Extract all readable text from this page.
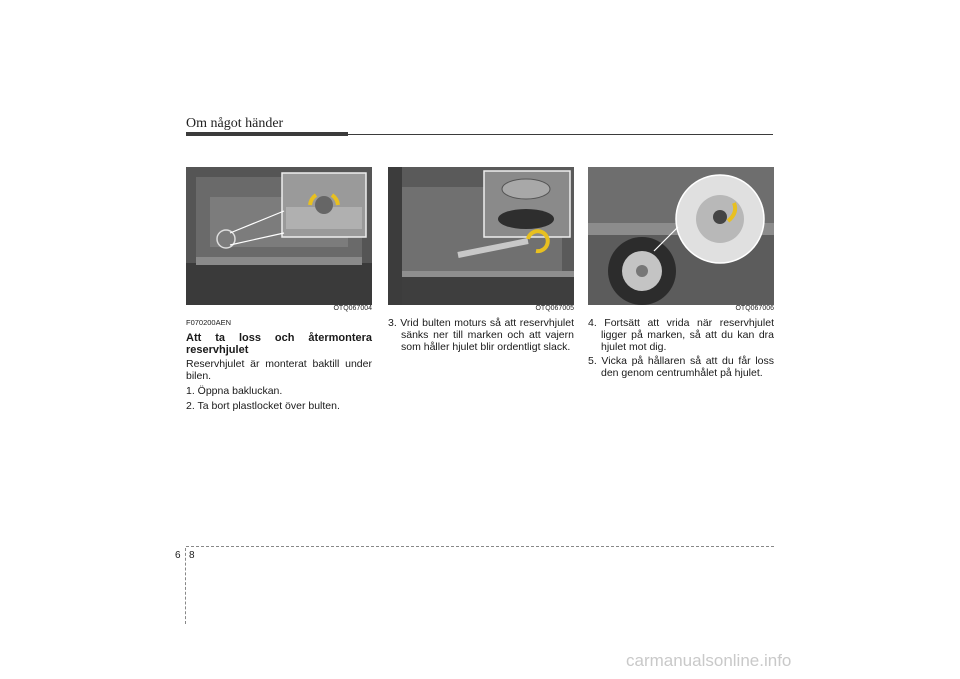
Om något händer
OTQ067004	OTQ067005	OTQ067006
F070200AEN
Att ta loss och återmontera reservhjulet
Reservhjulet är monterat baktill under bilen.
1. Öppna bakluckan.
2. Ta bort plastlocket över bulten.
3. Vrid bulten moturs så att reservhjulet sänks ner till marken och att vajern som håller hjulet blir ordentligt slack.
4. Fortsätt att vrida när reservhjulet ligger på marken, så att du kan dra hjulet mot dig.
5. Vicka på hållaren så att du får loss den genom centrumhålet på hjulet.
6 8
carmanualsonline.info
